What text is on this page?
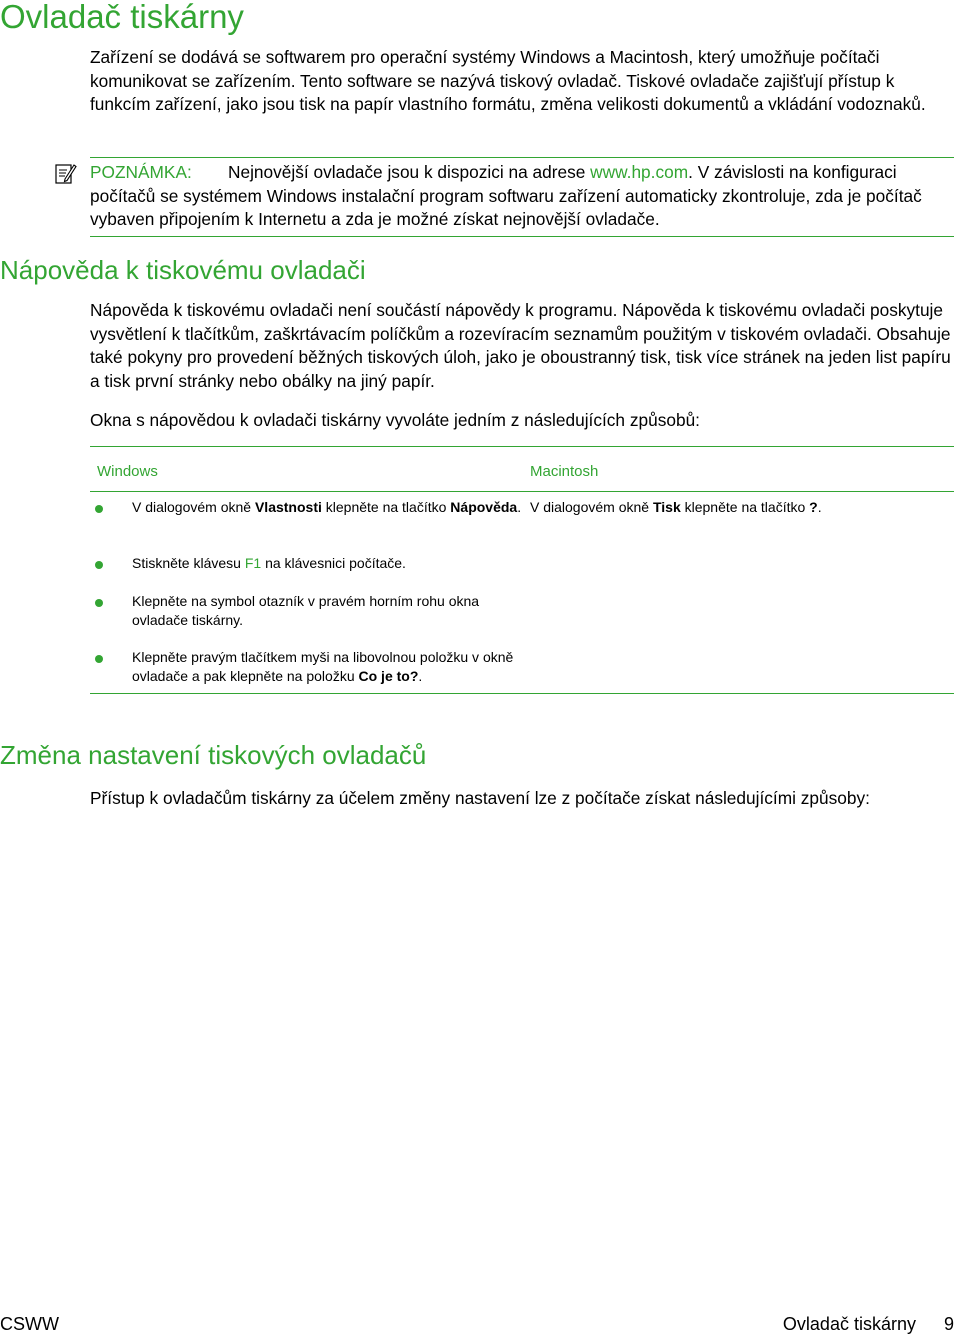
Ovladač tiskárny

Zařízení se dodává se softwarem pro operační systémy Windows a Macintosh, který umožňuje počítači komunikovat se zařízením. Tento software se nazývá tiskový ovladač. Tiskové ovladače zajišťují přístup k funkcím zařízení, jako jsou tisk na papír vlastního formátu, změna velikosti dokumentů a vkládání vodoznaků.

POZNÁMKA: Nejnovější ovladače jsou k dispozici na adrese www.hp.com. V závislosti na konfiguraci počítačů se systémem Windows instalační program softwaru zařízení automaticky zkontroluje, zda je počítač vybaven připojením k Internetu a zda je možné získat nejnovější ovladače.
Nápověda k tiskovému ovladači

Nápověda k tiskovému ovladači není součástí nápovědy k programu. Nápověda k tiskovému ovladači poskytuje vysvětlení k tlačítkům, zaškrtávacím políčkům a rozevíracím seznamům použitým v tiskovém ovladači. Obsahuje také pokyny pro provedení běžných tiskových úloh, jako je oboustranný tisk, tisk více stránek na jeden list papíru a tisk první stránky nebo obálky na jiný papír.

Okna s nápovědou k ovladači tiskárny vyvoláte jedním z následujících způsobů:

Windows	Macintosh
V dialogovém okně Vlastnosti klepněte na tlačítko Nápověda.
Stiskněte klávesu F1 na klávesnici počítače.
Klepněte na symbol otazník v pravém horním rohu okna ovladače tiskárny.
Klepněte pravým tlačítkem myši na libovolnou položku v okně ovladače a pak klepněte na položku Co je to?.
V dialogovém okně Tisk klepněte na tlačítko ?.
Změna nastavení tiskových ovladačů

Přístup k ovladačům tiskárny za účelem změny nastavení lze z počítače získat následujícími způsoby:

CSWW	Ovladač tiskárny 9
